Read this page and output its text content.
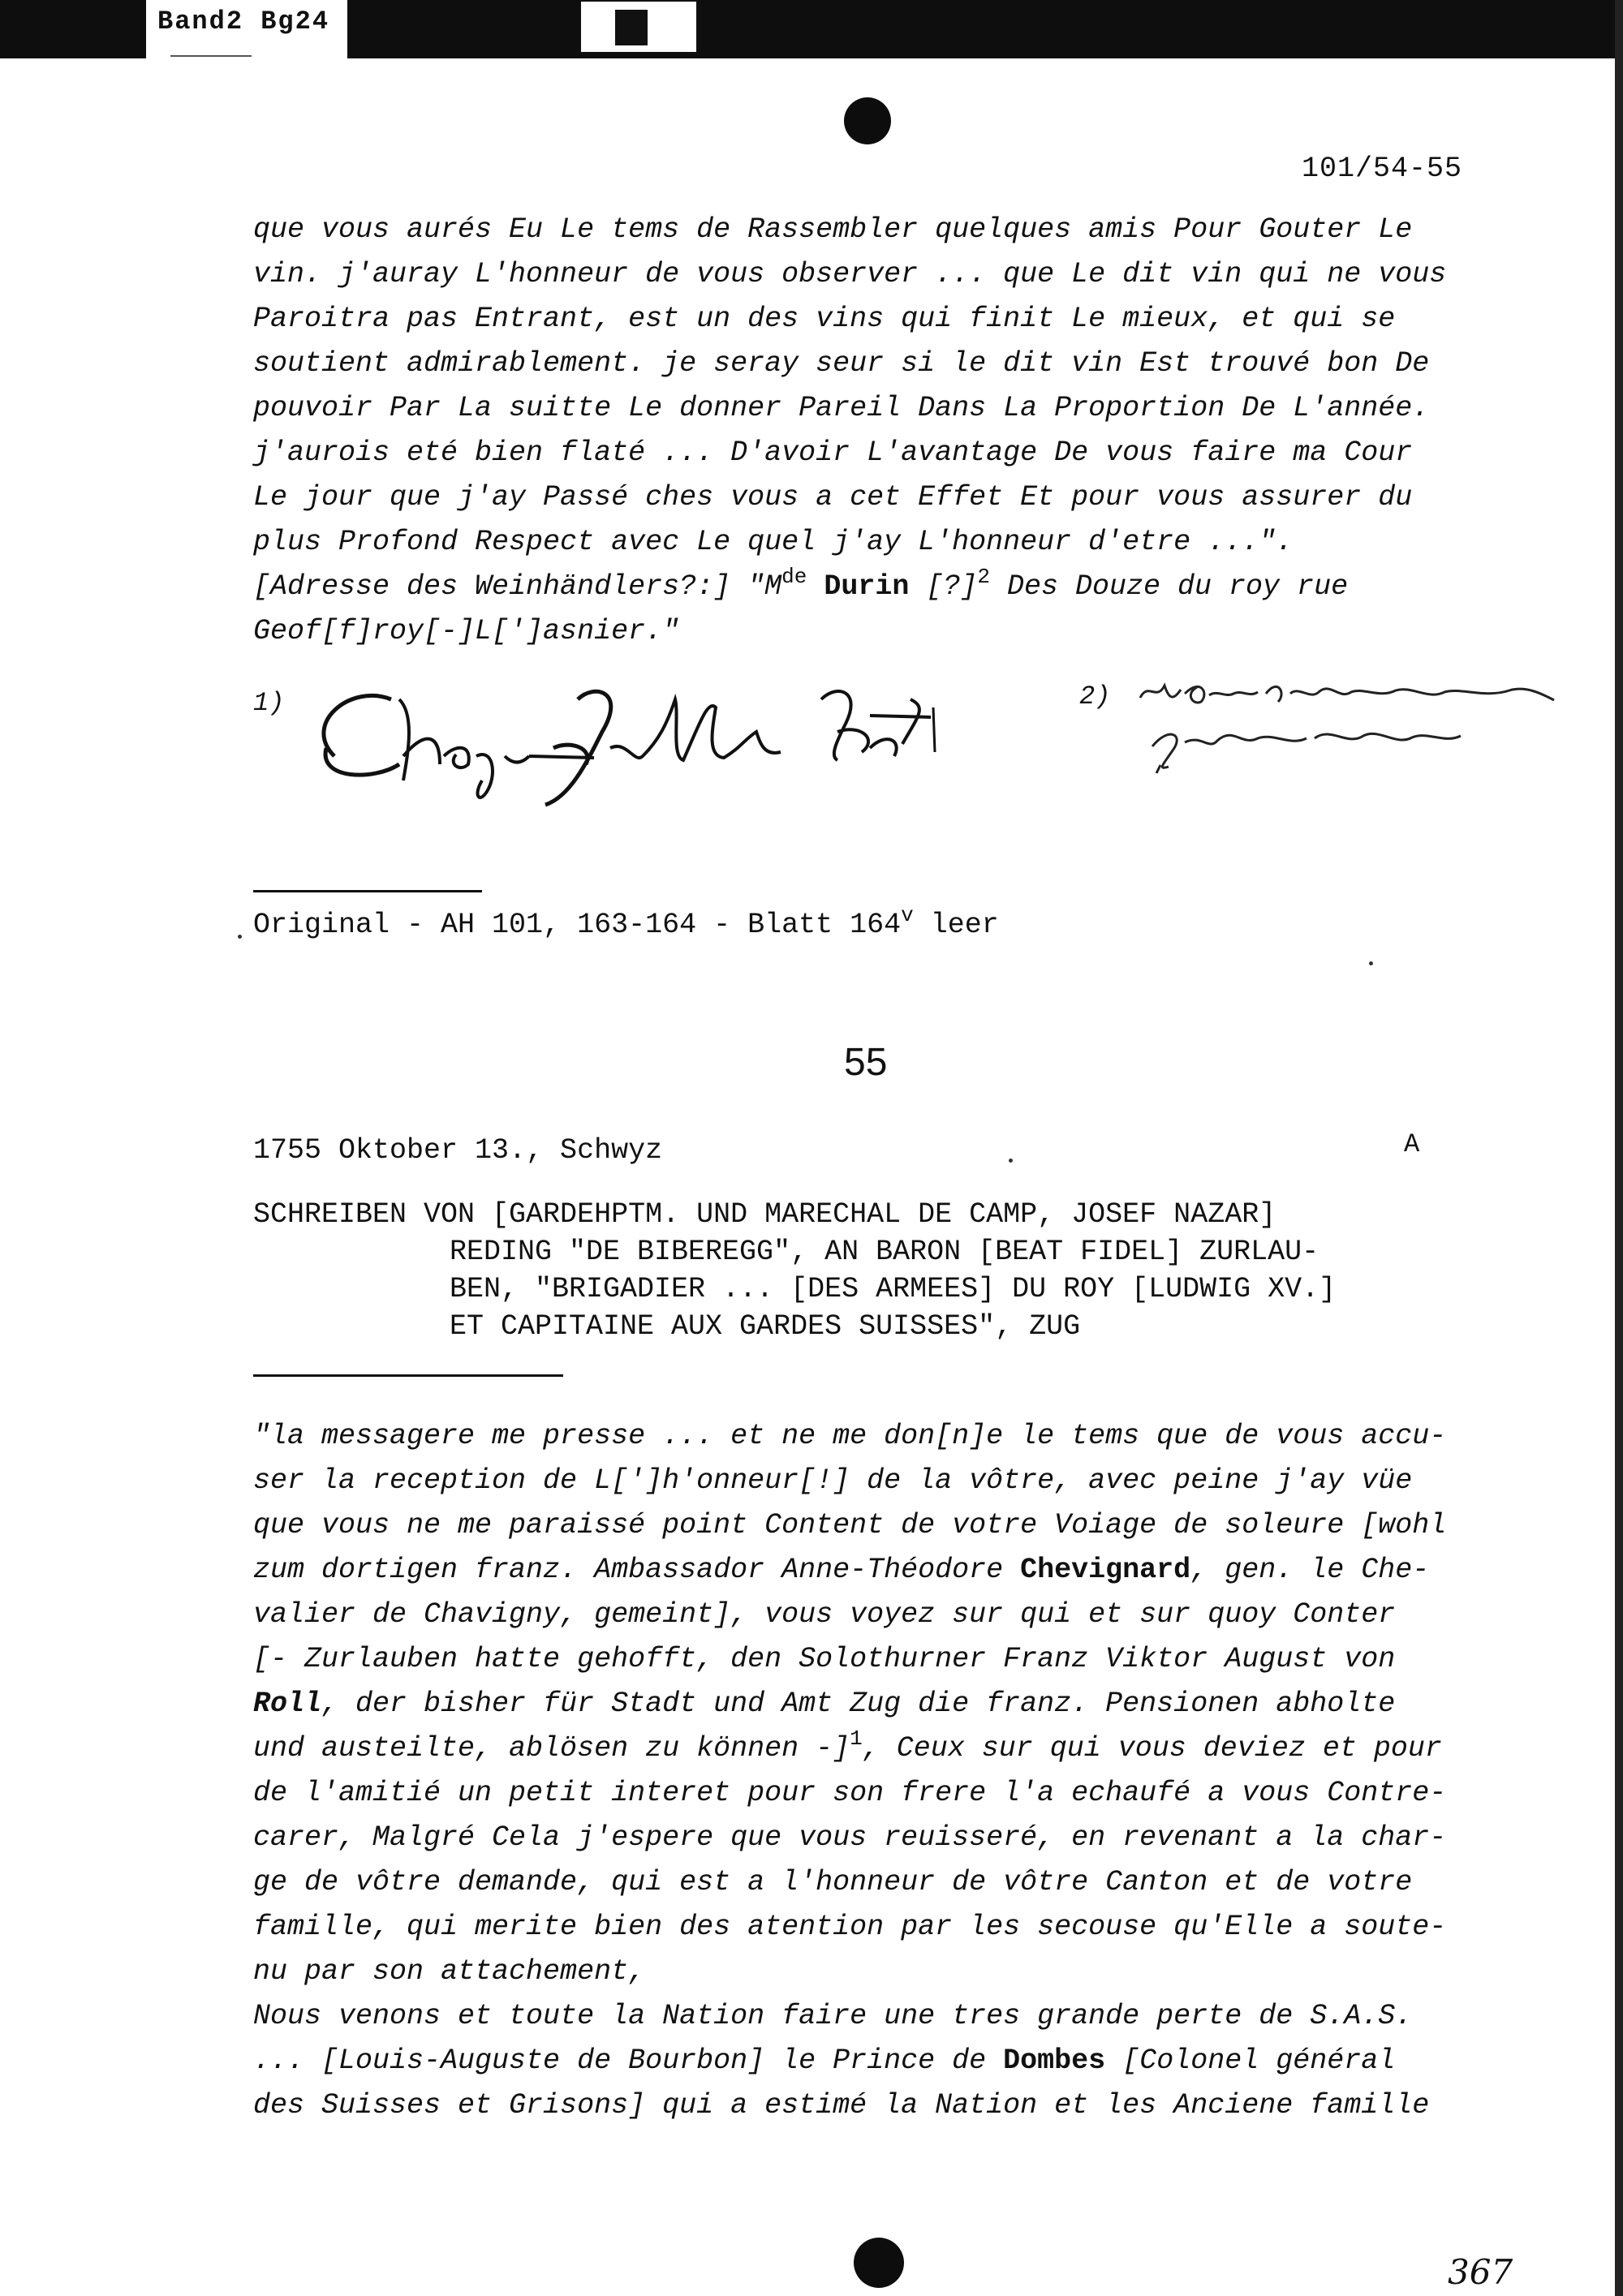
Band2 Bg24
101/54-55
que vous aurés Eu Le tems de Rassembler quelques amis Pour Gouter Le
vin. j'auray L'honneur de vous observer ... que Le dit vin qui ne vous
Paroitra pas Entrant, est un des vins qui finit Le mieux, et qui se
soutient admirablement. je seray seur si le dit vin Est trouvé bon De
pouvoir Par La suitte Le donner Pareil Dans La Proportion De L'année.
j'aurois eté bien flaté ... D'avoir L'avantage De vous faire ma Cour
Le jour que j'ay Passé ches vous a cet Effet Et pour vous assurer du
plus Profond Respect avec Le quel j'ay L'honneur d'etre ...".
[Adresse des Weinhändlers?:] "Mde Durin [?]$^2$ Des Douze du roy rue
Geof[f]roy[-]L[']asnier."
1)	2)
Original - AH 101, 163-164 - Blatt 164$^v$ leer
55
1755 Oktober 13., Schwyz	A
SCHREIBEN VON [GARDEHPTM. UND MARECHAL DE CAMP, JOSEF NAZAR]
REDING "DE BIBEREGG", AN BARON [BEAT FIDEL] ZURLAU-
BEN, "BRIGADIER ... [DES ARMEES] DU ROY [LUDWIG XV.]
ET CAPITAINE AUX GARDES SUISSES", ZUG
"la messagere me presse ... et ne me don[n]e le tems que de vous accu-
ser la reception de L[']h'onneur[!] de la vôtre, avec peine j'ay vüe
que vous ne me paraissé point Content de votre Voiage de soleure [wohl
zum dortigen franz. Ambassador Anne-Théodore Chevignard, gen. le Che-
valier de Chavigny, gemeint], vous voyez sur qui et sur quoy Conter
[- Zurlauben hatte gehofft, den Solothurner Franz Viktor August von
Roll, der bisher für Stadt und Amt Zug die franz. Pensionen abholte
und austeilte, ablösen zu können -]$^1$, Ceux sur qui vous deviez et pour
de l'amitié un petit interet pour son frere l'a echaufé a vous Contre-
carer, Malgré Cela j'espere que vous reuisseré, en revenant a la char-
ge de vôtre demande, qui est a l'honneur de vôtre Canton et de votre
famille, qui merite bien des atention par les secouse qu'Elle a soute-
nu par son attachement,
Nous venons et toute la Nation faire une tres grande perte de S.A.S.
... [Louis-Auguste de Bourbon] le Prince de Dombes [Colonel général
des Suisses et Grisons] qui a estimé la Nation et les Anciene famille
367
